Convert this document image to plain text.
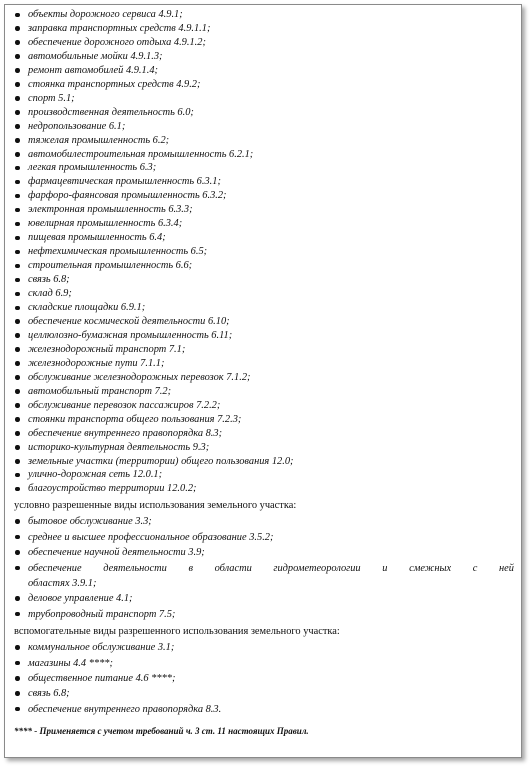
объекты дорожного сервиса 4.9.1;
заправка транспортных средств 4.9.1.1;
обеспечение дорожного отдыха 4.9.1.2;
автомобильные мойки 4.9.1.3;
ремонт автомобилей 4.9.1.4;
стоянка транспортных средств 4.9.2;
спорт 5.1;
производственная деятельность 6.0;
недропользование 6.1;
тяжелая промышленность 6.2;
автомобилестроительная промышленность 6.2.1;
легкая промышленность 6.3;
фармацевтическая промышленность 6.3.1;
фарфоро-фаянсовая промышленность 6.3.2;
электронная промышленность 6.3.3;
ювелирная промышленность 6.3.4;
пищевая промышленность 6.4;
нефтехимическая промышленность 6.5;
строительная промышленность 6.6;
связь 6.8;
склад 6.9;
складские площадки 6.9.1;
обеспечение космической деятельности 6.10;
целлюлозно-бумажная промышленность 6.11;
железнодорожный транспорт 7.1;
железнодорожные пути 7.1.1;
обслуживание железнодорожных перевозок 7.1.2;
автомобильный транспорт 7.2;
обслуживание перевозок пассажиров 7.2.2;
стоянки транспорта общего пользования 7.2.3;
обеспечение внутреннего правопорядка 8.3;
историко-культурная деятельность 9.3;
земельные участки (территории) общего пользования 12.0;
улично-дорожная сеть 12.0.1;
благоустройство территории 12.0.2;
условно разрешенные виды использования земельного участка:
бытовое обслуживание 3.3;
среднее и высшее профессиональное образование 3.5.2;
обеспечение научной деятельности 3.9;
обеспечение деятельности в области гидрометеорологии и смежных с ней
областях 3.9.1;
деловое управление 4.1;
трубопроводный транспорт 7.5;
вспомогательные виды разрешенного использования земельного участка:
коммунальное обслуживание 3.1;
магазины 4.4 ****;
общественное питание 4.6 ****;
связь 6.8;
обеспечение внутреннего правопорядка 8.3.
**** - Применяется с учетом требований ч. 3 ст. 11 настоящих Правил.
